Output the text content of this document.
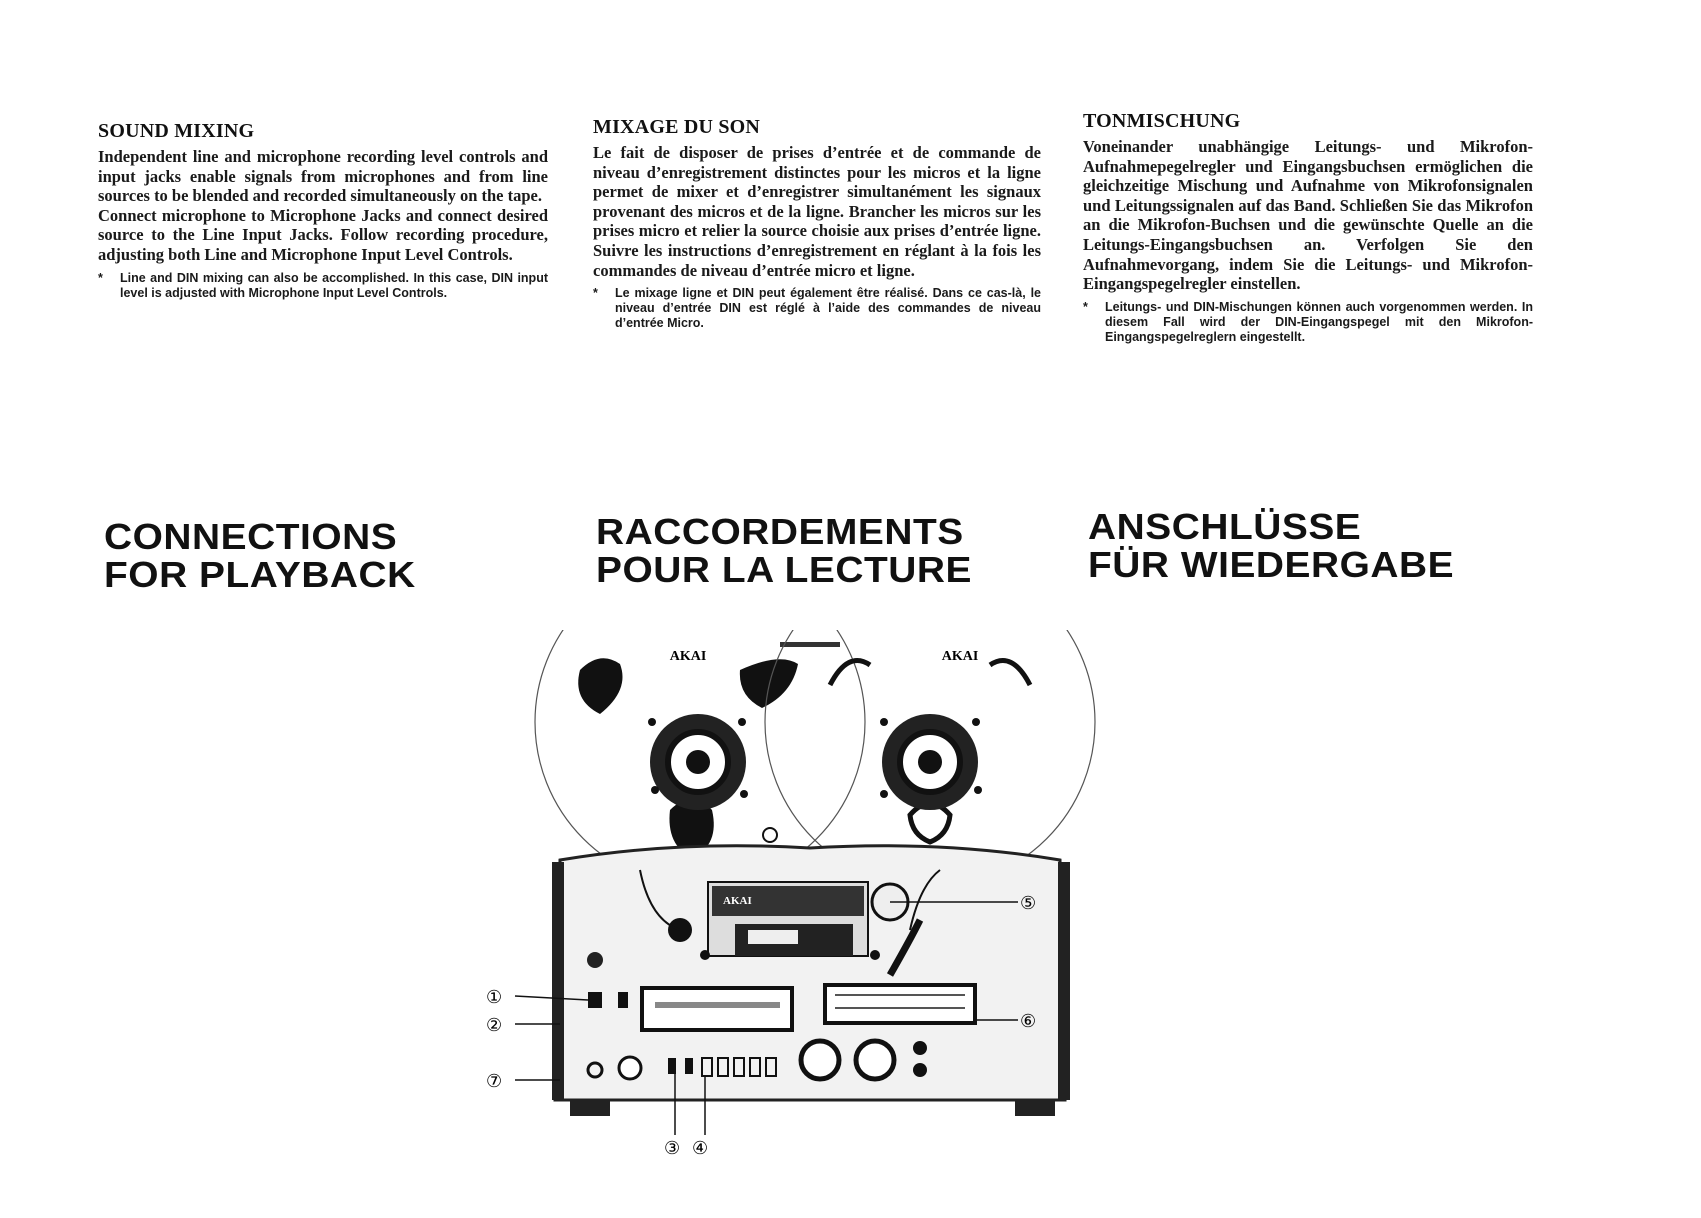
SOUND MIXING

Independent line and microphone recording level controls and input jacks enable signals from microphones and from line sources to be blended and recorded simultaneously on the tape.
Connect microphone to Microphone Jacks and connect desired source to the Line Input Jacks. Follow recording procedure, adjusting both Line and Microphone Input Level Controls.

*	Line and DIN mixing can also be accomplished. In this case, DIN input level is adjusted with Microphone Input Level Controls.
MIXAGE DU SON

Le fait de disposer de prises d’entrée et de commande de niveau d’enregistrement distinctes pour les micros et la ligne permet de mixer et d’enregistrer simultanément les signaux provenant des micros et de la ligne. Brancher les micros sur les prises micro et relier la source choisie aux prises d’entrée ligne. Suivre les instructions d’enregistrement en réglant à la fois les commandes de niveau d’entrée micro et ligne.

*	Le mixage ligne et DIN peut également être réalisé. Dans ce cas-là, le niveau d’entrée DIN est réglé à l’aide des commandes de niveau d’entrée Micro.
TONMISCHUNG

Voneinander unabhängige Leitungs- und Mikrofon-Aufnahmepegelregler und Eingangsbuchsen ermöglichen die gleichzeitige Mischung und Aufnahme von Mikrofonsignalen und Leitungssignalen auf das Band. Schließen Sie das Mikrofon an die Mikrofon-Buchsen und die gewünschte Quelle an die Leitungs-Eingangsbuchsen an. Verfolgen Sie den Aufnahmevorgang, indem Sie die Leitungs- und Mikrofon-Eingangspegelregler einstellen.

*	Leitungs- und DIN-Mischungen können auch vorgenommen werden. In diesem Fall wird der DIN-Eingangspegel mit den Mikrofon-Eingangspegelreglern eingestellt.
CONNECTIONS
FOR PLAYBACK
RACCORDEMENTS
POUR LA LECTURE
ANSCHLÜSSE
FÜR WIEDERGABE
AKAI	AKAI
AKAI
①
②
⑦
③ ④
⑤
⑥
